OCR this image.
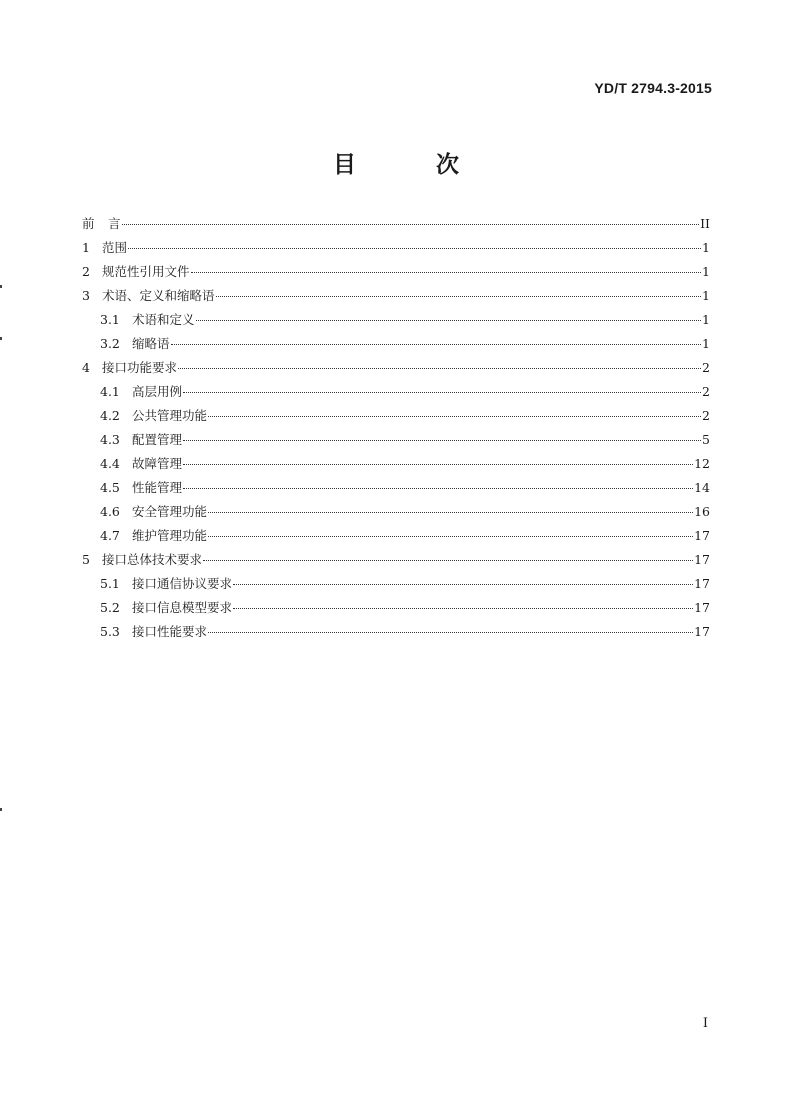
YD/T 2794.3-2015
目 次
前	言	II
1 范围	1
2 规范性引用文件	1
3 术语、定义和缩略语	1
3.1 术语和定义	1
3.2 缩略语	1
4 接口功能要求	2
4.1 高层用例	2
4.2 公共管理功能	2
4.3 配置管理	5
4.4 故障管理	12
4.5 性能管理	14
4.6 安全管理功能	16
4.7 维护管理功能	17
5 接口总体技术要求	17
5.1 接口通信协议要求	17
5.2 接口信息模型要求	17
5.3 接口性能要求	17
I
